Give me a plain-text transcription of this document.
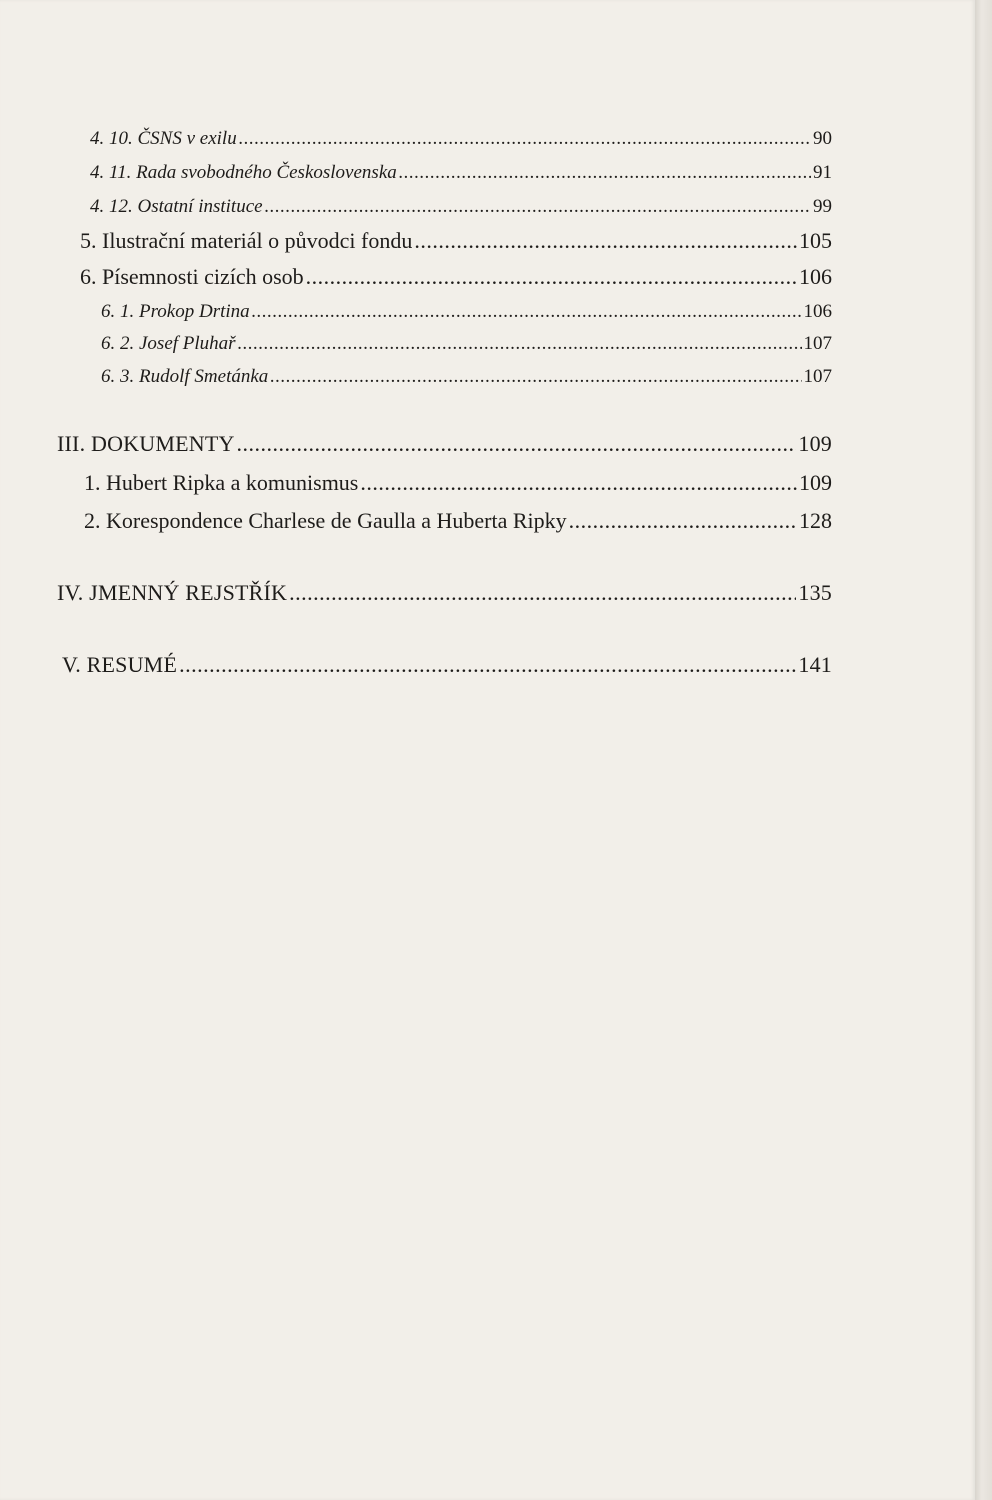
4. 10. ČSNS v exilu .....	90
4. 11. Rada svobodného Československa .....	91
4. 12. Ostatní instituce .....	99
5. Ilustrační materiál o původci fondu .....	105
6. Písemnosti cizích osob .....	106
6. 1. Prokop Drtina .....	106
6. 2. Josef Pluhař .....	107
6. 3. Rudolf Smetánka .....	107
III. DOKUMENTY .....	109
1. Hubert Ripka a komunismus .....	109
2. Korespondence Charlese de Gaulla a Huberta Ripky .....	128
IV. JMENNÝ REJSTŘÍK .....	135
V. RESUMÉ .....	141
